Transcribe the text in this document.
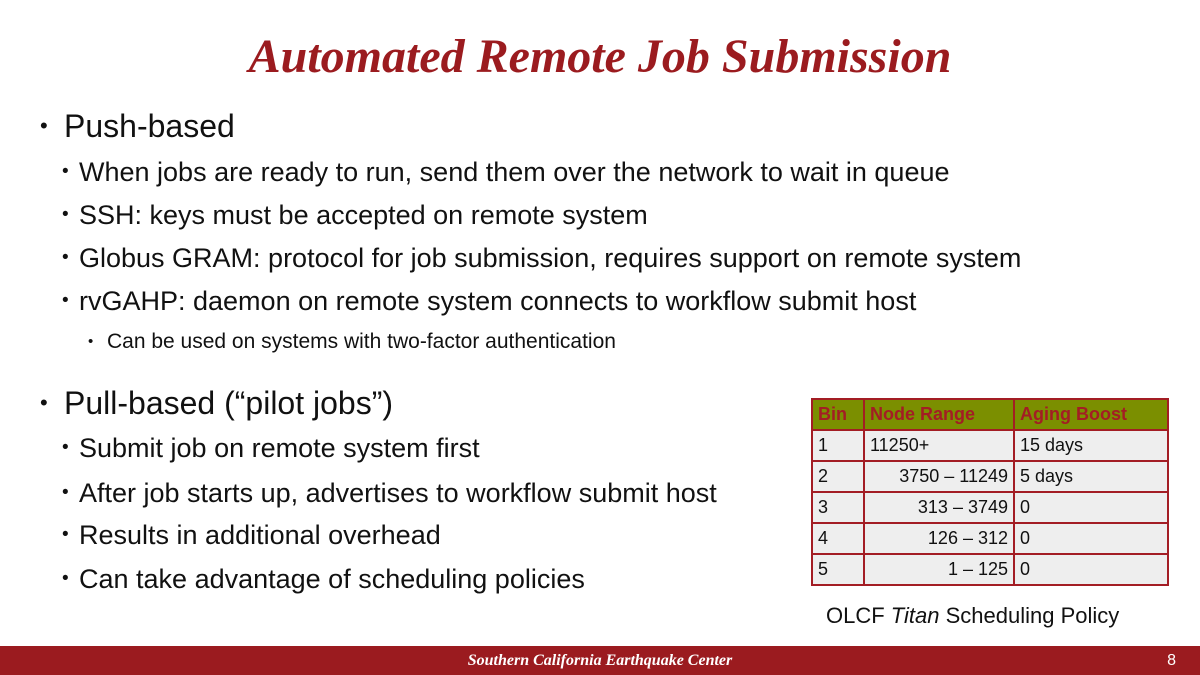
Automated Remote Job Submission
• Push-based
• When jobs are ready to run, send them over the network to wait in queue
• SSH: keys must be accepted on remote system
• Globus GRAM: protocol for job submission, requires support on remote system
• rvGAHP: daemon on remote system connects to workflow submit host
• Can be used on systems with two-factor authentication
• Pull-based (“pilot jobs”)
• Submit job on remote system first
• After job starts up, advertises to workflow submit host
• Results in additional overhead
• Can take advantage of scheduling policies
Bin	Node Range	Aging Boost
1	11250+	15 days
2	3750 – 11249	5 days
3	313 – 3749	0
4	126 – 312	0
5	1 – 125	0
OLCF Titan Scheduling Policy
Southern California Earthquake Center	8
